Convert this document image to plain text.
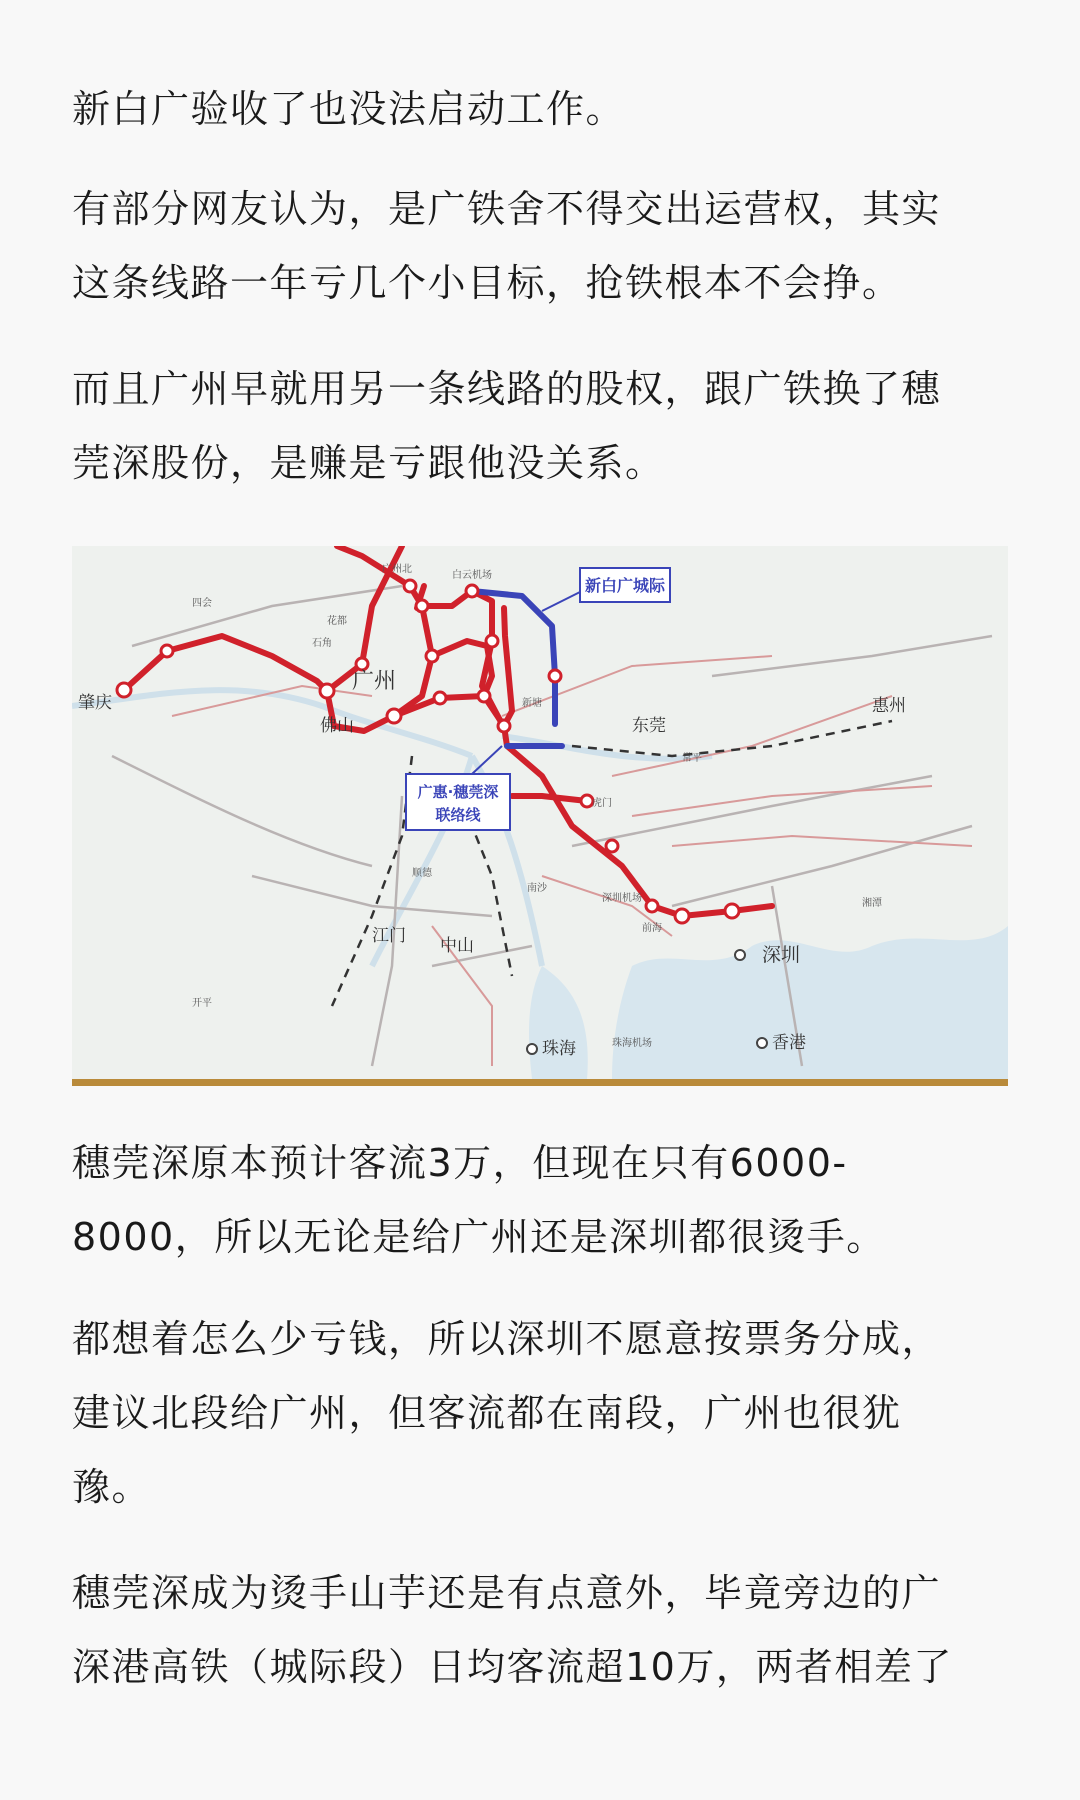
新白广验收了也没法启动工作。

有部分网友认为，是广铁舍不得交出运营权，其实
这条线路一年亏几个小目标，抢铁根本不会挣。

而且广州早就用另一条线路的股权，跟广铁换了穗
莞深股份，是赚是亏跟他没关系。

穗莞深原本预计客流3万，但现在只有6000-
8000，所以无论是给广州还是深圳都很烫手。

都想着怎么少亏钱，所以深圳不愿意按票务分成，
建议北段给广州，但客流都在南段，广州也很犹
豫。

穗莞深成为烫手山芋还是有点意外，毕竟旁边的广
深港高铁（城际段）日均客流超10万，两者相差了

新白广城际
广惠·穗莞深
联络线
肇庆
广州
佛山	东莞
惠州
江门 中山	深圳
珠海	香港
四会
白云机场
花都
广州北
石角
新塘
虎门
常平
深圳机场
前海
湘潭
开平
顺德
南沙
珠海机场
